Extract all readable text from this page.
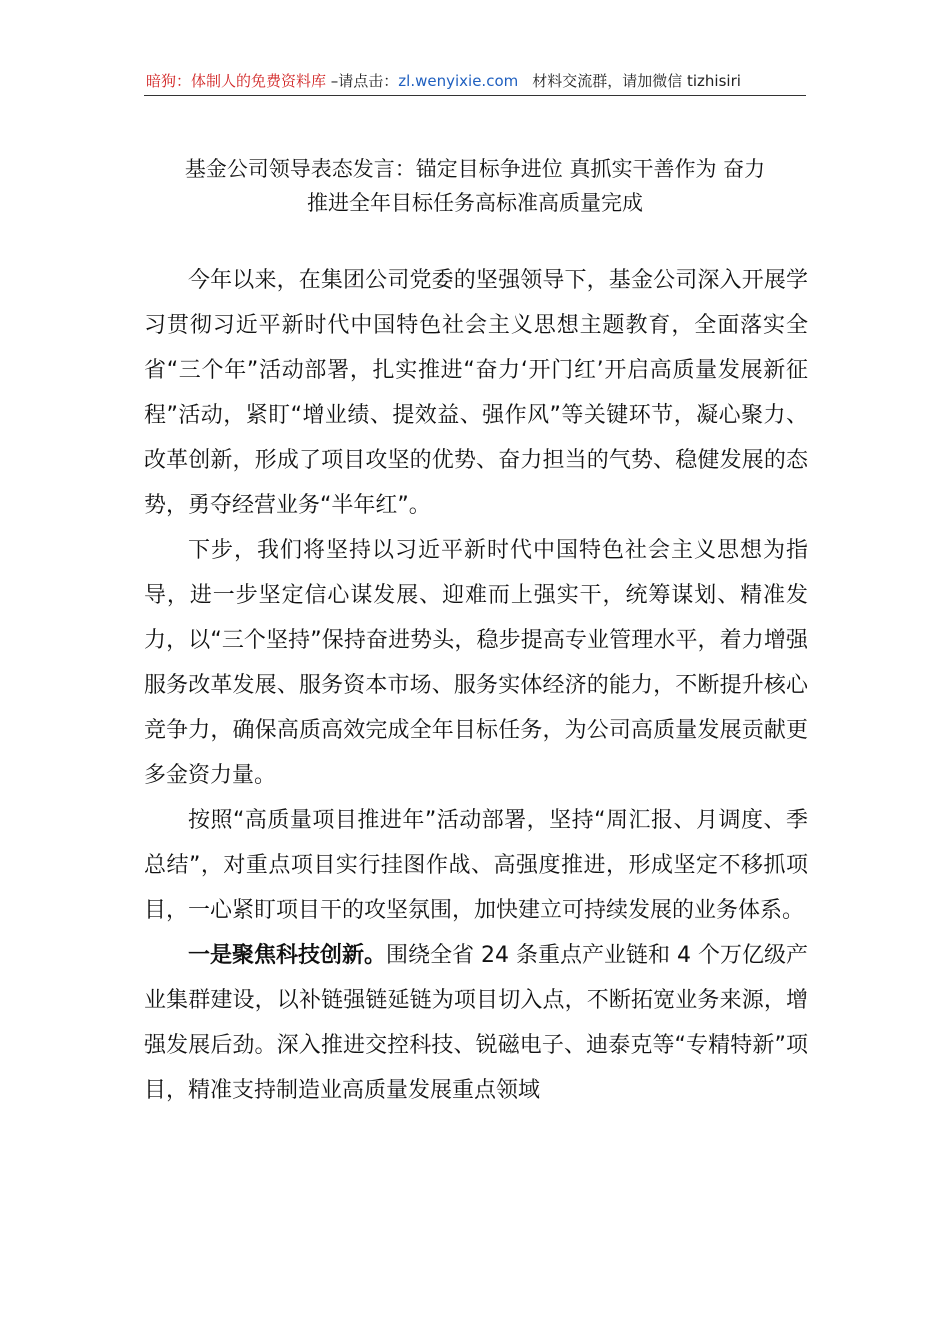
暗狗：体制人的免费资料库 –请点击：zl.wenyixie.com 材料交流群，请加微信 tizhisiri
基金公司领导表态发言：锚定目标争进位 真抓实干善作为 奋力
推进全年目标任务高标准高质量完成

今年以来，在集团公司党委的坚强领导下，基金公司深入开展学习贯彻习近平新时代中国特色社会主义思想主题教育，全面落实全省“三个年”活动部署，扎实推进“奋力‘开门红’开启高质量发展新征程”活动，紧盯“增业绩、提效益、强作风”等关键环节，凝心聚力、改革创新，形成了项目攻坚的优势、奋力担当的气势、稳健发展的态势，勇夺经营业务“半年红”。

下步，我们将坚持以习近平新时代中国特色社会主义思想为指导，进一步坚定信心谋发展、迎难而上强实干，统筹谋划、精准发力，以“三个坚持”保持奋进势头，稳步提高专业管理水平，着力增强服务改革发展、服务资本市场、服务实体经济的能力，不断提升核心竞争力，确保高质高效完成全年目标任务，为公司高质量发展贡献更多金资力量。

按照“高质量项目推进年”活动部署，坚持“周汇报、月调度、季总结”，对重点项目实行挂图作战、高强度推进，形成坚定不移抓项目，一心紧盯项目干的攻坚氛围，加快建立可持续发展的业务体系。

一是聚焦科技创新。围绕全省 24 条重点产业链和 4 个万亿级产业集群建设，以补链强链延链为项目切入点，不断拓宽业务来源，增强发展后劲。深入推进交控科技、锐磁电子、迪泰克等“专精特新”项目，精准支持制造业高质量发展重点领域
